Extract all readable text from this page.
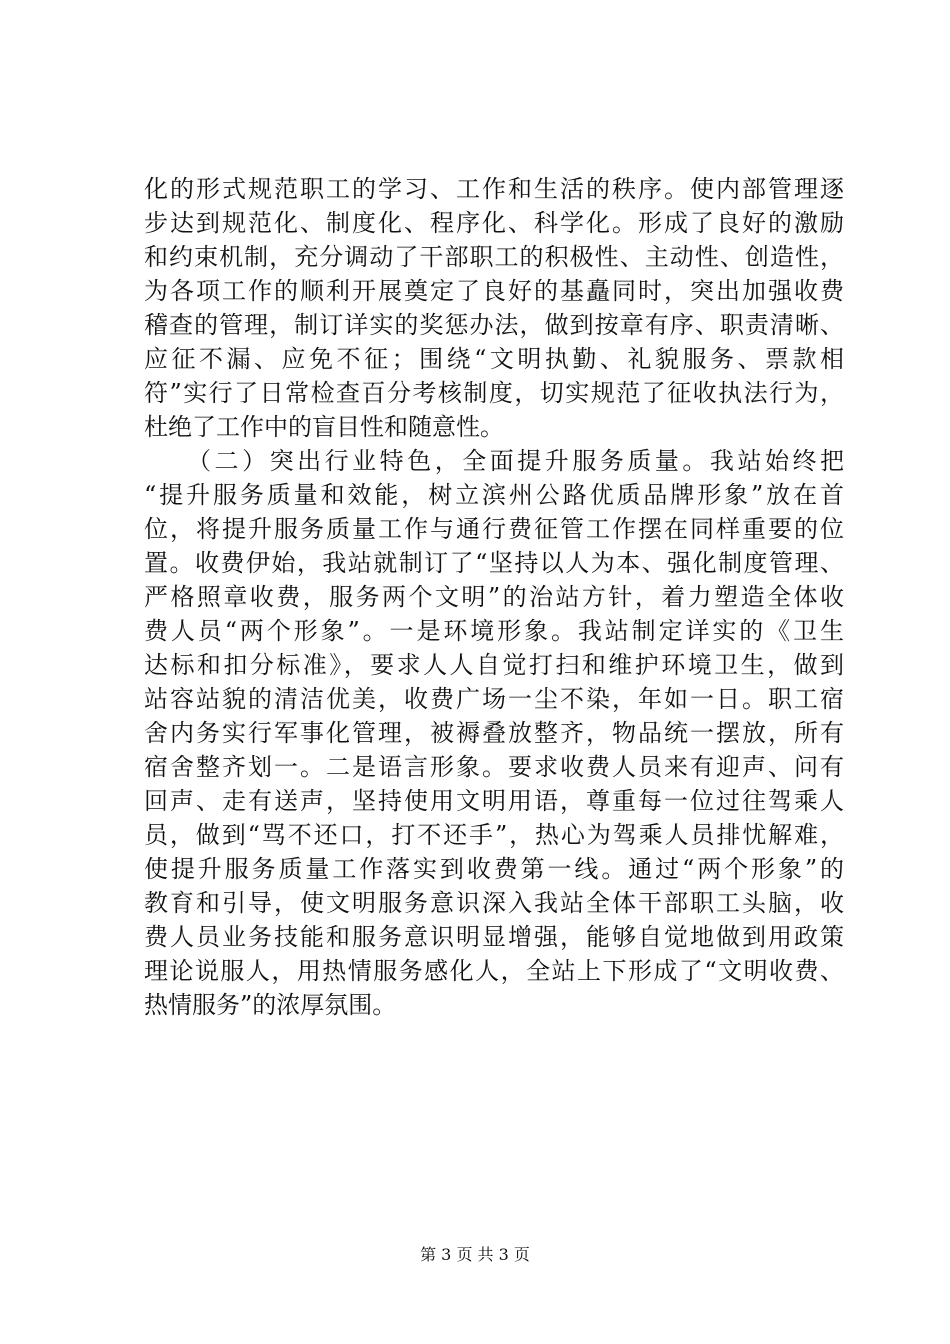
化的形式规范职工的学习、工作和生活的秩序。使内部管理逐
步达到规范化、制度化、程序化、科学化。形成了良好的激励
和约束机制，充分调动了干部职工的积极性、主动性、创造性，
为各项工作的顺利开展奠定了良好的基矗同时，突出加强收费
稽查的管理，制订详实的奖惩办法，做到按章有序、职责清晰、
应征不漏、应免不征；围绕“文明执勤、礼貌服务、票款相
符”实行了日常检查百分考核制度，切实规范了征收执法行为，
杜绝了工作中的盲目性和随意性。
　　（二）突出行业特色，全面提升服务质量。我站始终把
“提升服务质量和效能，树立滨州公路优质品牌形象”放在首
位，将提升服务质量工作与通行费征管工作摆在同样重要的位
置。收费伊始，我站就制订了“坚持以人为本、强化制度管理、
严格照章收费，服务两个文明”的治站方针，着力塑造全体收
费人员“两个形象”。一是环境形象。我站制定详实的《卫生
达标和扣分标准》，要求人人自觉打扫和维护环境卫生，做到
站容站貌的清洁优美，收费广场一尘不染，年如一日。职工宿
舍内务实行军事化管理，被褥叠放整齐，物品统一摆放，所有
宿舍整齐划一。二是语言形象。要求收费人员来有迎声、问有
回声、走有送声，坚持使用文明用语，尊重每一位过往驾乘人
员，做到“骂不还口，打不还手”，热心为驾乘人员排忧解难，
使提升服务质量工作落实到收费第一线。通过“两个形象”的
教育和引导，使文明服务意识深入我站全体干部职工头脑，收
费人员业务技能和服务意识明显增强，能够自觉地做到用政策
理论说服人，用热情服务感化人，全站上下形成了“文明收费、
热情服务”的浓厚氛围。
第 3 页 共 3 页
